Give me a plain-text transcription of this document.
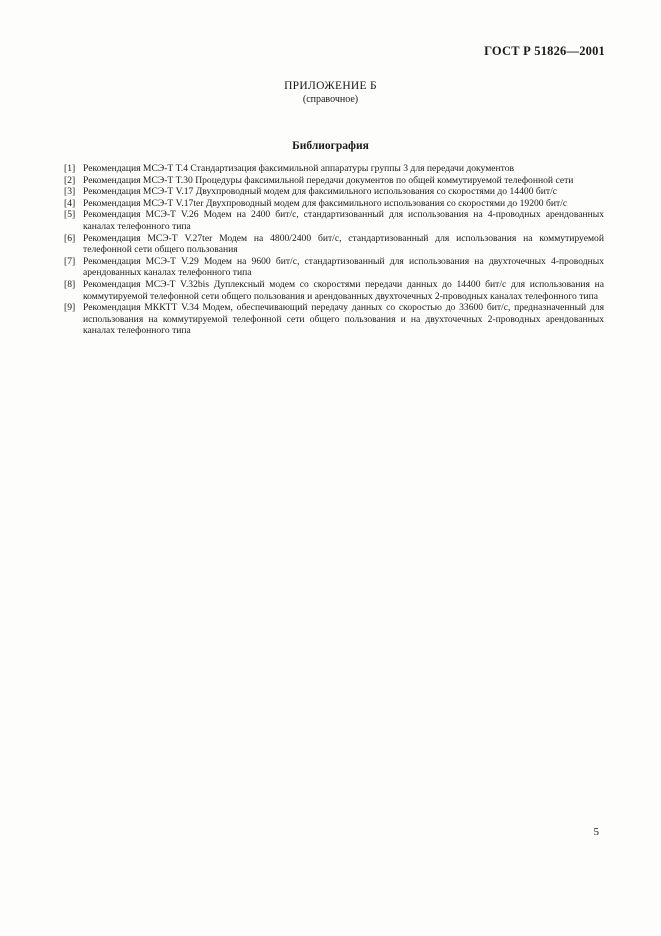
ГОСТ Р 51826—2001
ПРИЛОЖЕНИЕ Б
(справочное)
Библиография
[1] Рекомендация МСЭ-Т T.4 Стандартизация факсимильной аппаратуры группы 3 для передачи документов
[2] Рекомендация МСЭ-Т T.30 Процедуры факсимильной передачи документов по общей коммутируемой телефонной сети
[3] Рекомендация МСЭ-Т V.17 Двухпроводный модем для факсимильного использования со скоростями до 14400 бит/с
[4] Рекомендация МСЭ-Т V.17ter Двухпроводный модем для факсимильного использования со скоростями до 19200 бит/с
[5] Рекомендация МСЭ-Т V.26 Модем на 2400 бит/с, стандартизованный для использования на 4-проводных арендованных каналах телефонного типа
[6] Рекомендация МСЭ-Т V.27ter Модем на 4800/2400 бит/с, стандартизованный для использования на коммутируемой телефонной сети общего пользования
[7] Рекомендация МСЭ-Т V.29 Модем на 9600 бит/с, стандартизованный для использования на двухточечных 4-проводных арендованных каналах телефонного типа
[8] Рекомендация МСЭ-Т V.32bis Дуплексный модем со скоростями передачи данных до 14400 бит/с для использования на коммутируемой телефонной сети общего пользования и арендованных двухточечных 2-проводных каналах телефонного типа
[9] Рекомендация МККТТ V.34 Модем, обеспечивающий передачу данных со скоростью до 33600 бит/с, предназначенный для использования на коммутируемой телефонной сети общего пользования и на двухточечных 2-проводных арендованных каналах телефонного типа
5
